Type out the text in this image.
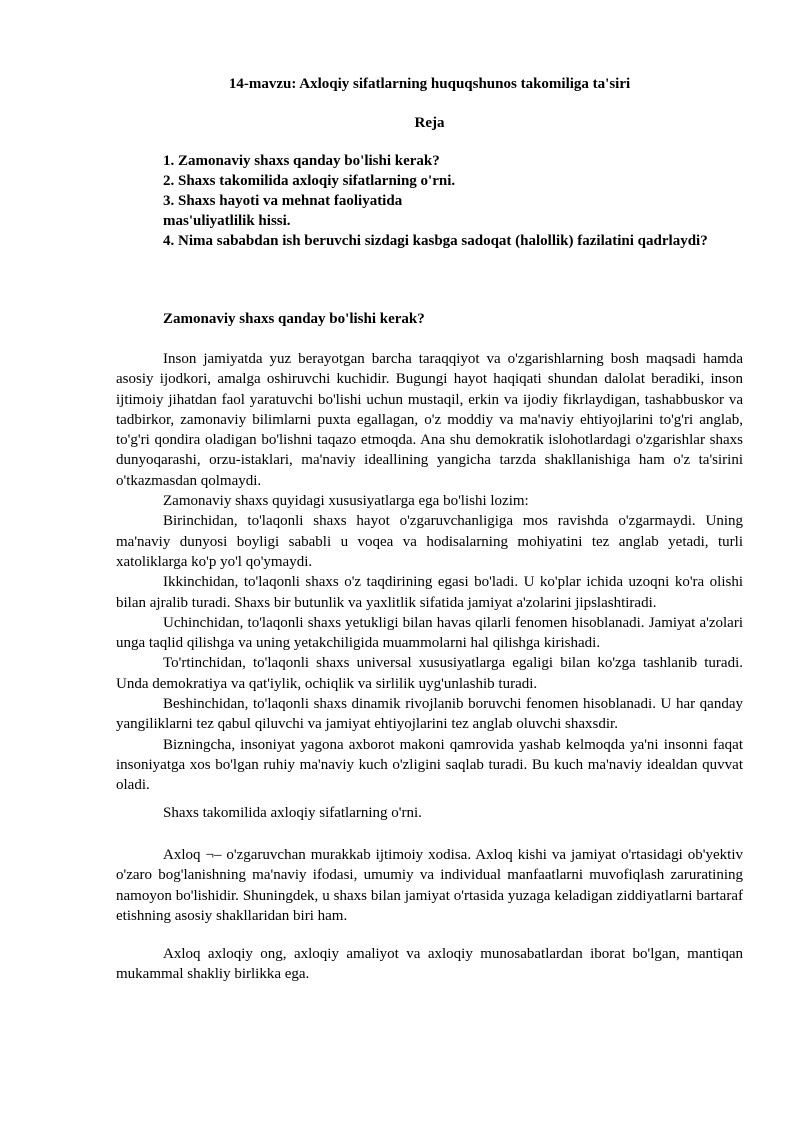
14-mavzu: Axloqiy sifatlarning huquqshunos takomiliga ta'siri
Reja
1. Zamonaviy shaxs qanday bo'lishi kerak?
2. Shaxs takomilida axloqiy sifatlarning o'rni.
3. Shaxs hayoti va mehnat faoliyatida
mas'uliyatlilik hissi.
4. Nima sababdan ish beruvchi sizdagi kasbga sadoqat (halollik) fazilatini qadrlaydi?
Zamonaviy shaxs qanday bo'lishi kerak?

Inson jamiyatda yuz berayotgan barcha taraqqiyot va o'zgarishlarning bosh maqsadi hamda asosiy ijodkori, amalga oshiruvchi kuchidir. Bugungi hayot haqiqati shundan dalolat beradiki, inson ijtimoiy jihatdan faol yaratuvchi bo'lishi uchun mustaqil, erkin va ijodiy fikrlaydigan, tashabbuskor va tadbirkor, zamonaviy bilimlarni puxta egallagan, o'z moddiy va ma'naviy ehtiyojlarini to'g'ri anglab, to'g'ri qondira oladigan bo'lishni taqazo etmoqda. Ana shu demokratik islohotlardagi o'zgarishlar shaxs dunyoqarashi, orzu-istaklari, ma'naviy ideallining yangicha tarzda shakllanishiga ham o'z ta'sirini o'tkazmasdan qolmaydi.

Zamonaviy shaxs quyidagi xususiyatlarga ega bo'lishi lozim:

Birinchidan, to'laqonli shaxs hayot o'zgaruvchanligiga mos ravishda o'zgarmaydi. Uning ma'naviy dunyosi boyligi sababli u voqea va hodisalarning mohiyatini tez anglab yetadi, turli xatoliklarga ko'p yo'l qo'ymaydi.

Ikkinchidan, to'laqonli shaxs o'z taqdirining egasi bo'ladi. U ko'plar ichida uzoqni ko'ra olishi bilan ajralib turadi. Shaxs bir butunlik va yaxlitlik sifatida jamiyat a'zolarini jipslashtiradi.

Uchinchidan, to'laqonli shaxs yetukligi bilan havas qilarli fenomen hisoblanadi. Jamiyat a'zolari unga taqlid qilishga va uning yetakchiligida muammolarni hal qilishga kirishadi.

To'rtinchidan, to'laqonli shaxs universal xususiyatlarga egaligi bilan ko'zga tashlanib turadi. Unda demokratiya va qat'iylik, ochiqlik va sirlilik uyg'unlashib turadi.

Beshinchidan, to'laqonli shaxs dinamik rivojlanib boruvchi fenomen hisoblanadi. U har qanday yangiliklarni tez qabul qiluvchi va jamiyat ehtiyojlarini tez anglab oluvchi shaxsdir.

Bizningcha, insoniyat yagona axborot makoni qamrovida yashab kelmoqda ya'ni insonni faqat insoniyatga xos bo'lgan ruhiy ma'naviy kuch o'zligini saqlab turadi. Bu kuch ma'naviy idealdan quvvat oladi.

Shaxs takomilida axloqiy sifatlarning o'rni.

Axloq ¬– o'zgaruvchan murakkab ijtimoiy xodisa. Axloq kishi va jamiyat o'rtasidagi ob'yektiv o'zaro bog'lanishning ma'naviy ifodasi, umumiy va individual manfaatlarni muvofiqlash zaruratining namoyon bo'lishidir. Shuningdek, u shaxs bilan jamiyat o'rtasida yuzaga keladigan ziddiyatlarni bartaraf etishning asosiy shakllaridan biri ham.

Axloq axloqiy ong, axloqiy amaliyot va axloqiy munosabatlardan iborat bo'lgan, mantiqan mukammal shakliy birlikka ega.
